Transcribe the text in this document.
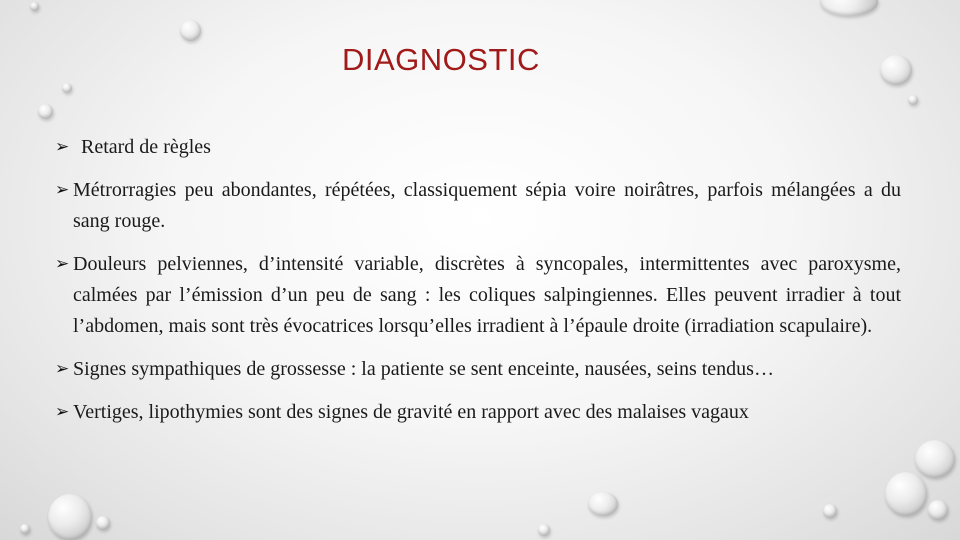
DIAGNOSTIC
➢ Retard de règles
➢ Métrorragies peu abondantes, répétées, classiquement sépia voire noirâtres, parfois mélangées a du sang rouge.
➢ Douleurs pelviennes, d’intensité variable, discrètes à syncopales, intermittentes avec paroxysme, calmées par l’émission d’un peu de sang : les coliques salpingiennes. Elles peuvent irradier à tout l’abdomen, mais sont très évocatrices lorsqu’elles irradient à l’épaule droite (irradiation scapulaire).
➢ Signes sympathiques de grossesse : la patiente se sent enceinte, nausées, seins tendus…
➢ Vertiges, lipothymies sont des signes de gravité en rapport avec des malaises vagaux
